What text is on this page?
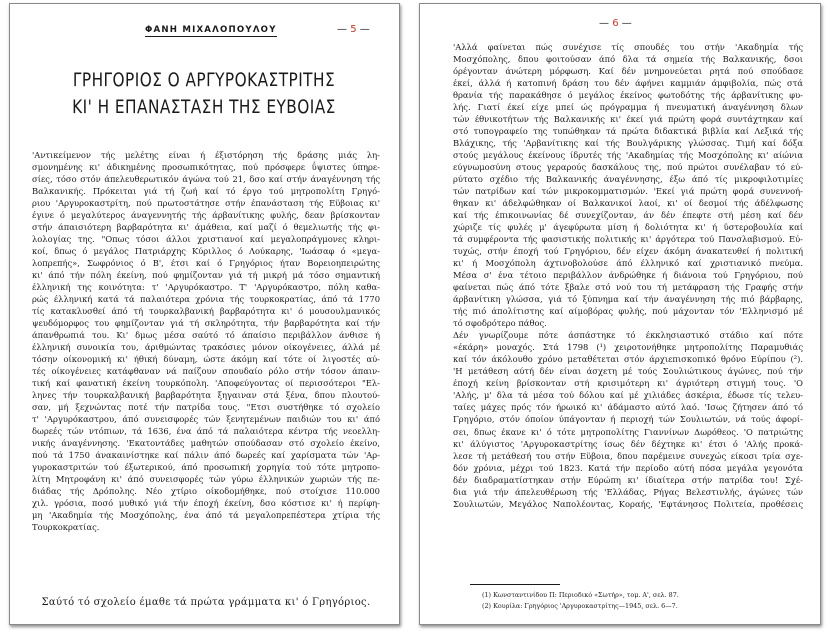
ΦΑΝΗ ΜΙΧΑΛΟΠΟΥΛΟΥ	— 5 —
ΓΡΗΓΟΡΙΟΣ Ο ΑΡΓΥΡΟΚΑΣΤΡΙΤΗΣ
ΚΙ' Η ΕΠΑΝΑΣΤΑΣΗ ΤΗΣ ΕΥΒΟΙΑΣ
'Αντικείμενον τής μελέτης είναι ή έξιστόρηση τής δράσης μιάς λη-
σμονημένης κι' άδικημένης προσωπικότητας, πού πρόσφερε ΰψιστες ύπηρε-
σίες, τόσο στόν άπελευθερωτικόν άγώνα τού 21, δσο καί στήν άναγέννηση τής
Βαλκανικής. Πρόκειται γιά τή ζωή καί τό έργο τού μητροπολίτη Γρηγό-
ριου 'Αργυροκαστρίτη, πού πρωτοστάτησε στήν έπανάσταση τής Εϋβοιας κι'
έγινε ό μεγαλύτερος άναγεννητής τής άρβανίτικης φυλής, δεαν βρίσκονταν
στήν άπαισιότερη βαρβαρότητα κι' άμάθεια, καί μαζί ό θεμελιωτής τής φι-
λολογίας της. "Οπως τόσοι άλλοι χριστιανοί καί μεγαλοπράγμονες κληρι-
κοί, δπως ό μεγάλος Πατριάρχης Κύριλλος ό Λούκαρης, 'Ιωάσαφ ό «μεγα-
λοπρεπής», Σωφρόνιος ό Β', έτσι καί ό Γρηγόριος ήταν Βορειοηπειρώτης
κι' άπό τήν πόλη έκείνη, πού φημίζονταν γιά τή μικρή μά τόσο σημαντική
έλληνική της κοινότητα: τ' 'Αργυρόκαστρο. Τ' 'Αργυρόκαστρο, πόλη καθα-
ρώς έλληνική κατά τά παλαιότερα χρόνια τής τουρκοκρατίας, άπό τά 1770
τίς κατακλυσθεί άπό τή τουρκαλβανική βαρβαρότητα κι' ό μουσουλμανικός
ψευδόμορφος του φημίζονταν γιά τή σκληρότητα, τήν βαρβαρότητα καί τήν
άπανθρωπιά του. Κι' δμως μέσα σαύτό τό άπαίσιο περιβάλλον άνθισε ή
έλληνική συνοικία του, άριθμώντας τρακόσιες μόνον οίκογένειες, άλλά μέ
τόσην οίκονομική κι' ήθική δύναμη, ώστε άκόμη καί τότε οί λιγοστές αύ-
τές οίκογένειες κατάφθαναν νά παίζουν σπουδαίο ρόλο στήν τόσον άπαιν-
τική καί φανατική έκείνη τουρκόπολη. 'Αποφεύγοντας οί περισσότεροι "Ελ-
ληνες τήν τουρκαλβανική βαρβαρότητα ξηγαιναν στά ξένα, δπου πλουτού-
σαν, μή ξεχνώντας ποτέ τήν πατρίδα τους. "Ετσι συστήθηκε τό σχολείο
τ' 'Αργυρόκαστρου, άπό συνεισφορές τών ξενητεμένων παιδιών του κι' άπό
δωρεές τών ντόπιων, τά 1636, ένα άπό τά παλαιότερα κέντρα τής νεοελλη-
νικής άναγέννησης. 'Εκατοντάδες μαθητών σπούδασαν στό σχολείο έκείνο,
πού τά 1750 άνακαινίστηκε καί πάλιν άπό δωρεές καί χαρίσματα τών 'Αρ-
γυροκαστριτών τού έξωτερικού, άπό προσωπική χορηγία τού τότε μητροπο-
λίτη Μητροφάνη κι' άπό συνεισφορές τών γύρω έλληνικών χωριών τής πε-
διάδας τής Δρόπολης. Νέο χτίριο οίκοδομήθηκε, πού στοίχισε 110.000
χιλ. γρόσια, ποσό μυθικό γιά τήν έποχή έκείνη, δσο κόστισε κι' ή περίφη-
μη 'Ακαδημία τής Μοσχόπολης, ένα άπό τά μεγαλοπρεπέστερα χτίρια τής
Τουρκοκρατίας.
Σαύτό τό σχολείο έμαθε τά πρώτα γράμματα κι' ό Γρηγόριος.
— 6 —
'Αλλά φαίνεται πώς συνέχισε τίς σπουδές του στήν 'Ακαδημία τής
Μοσχόπολης, δπου φοιτούσαν άπό δλα τά σημεία τής Βαλκανικής, δσοι
όρέγονταν άνώτερη μόρφωση. Καί δέν μνημονεύεται ρητά πού σπούδασε
έκεί, άλλά ή κατοπινή δράση του δέν άφήνει καμμιάν άμφιβολία, πώς στά
θρανία τής παρακάθησε ό μεγάλος έκείνος φωτοδότης τής άρβανίτικης φυ-
λής. Γιατί έκεί είχε μπεί ώς πρόγραμμα ή πνευματική άναγέννηση δλων
τών έθνικοτήτων τής Βαλκανικής κι' έκεί γιά πρώτη φορά συντάχτηκαν καί
στό τυπογραφείο της τυπώθηκαν τά πρώτα διδακτικά βιβλία καί Λεξικά τής
Βλάχικης, τής 'Αρβανίτικης καί τής Βουλγάρικης γλώσσας. Τιμή καί δόξα
στούς μεγάλους έκείνους ίδρυτές τής 'Ακαδημίας τής Μοσχόπολης κι' αίώνια
εύγνωμοσύνη στους γεραρούς δασκάλους της, πού πρώτοι συνέλαβαν τό εύ-
ρύτατο σχέδιο τής Βαλκανικής άναγέννησης, έξω άπό τίς μικροφιλοτιμίες
τών πατρίδων καί τών μικροκομματισμών. 'Εκεί γιά πρώτη φορά συνεννοή-
θηκαν κι' άδελφώθηκαν οί Βαλκανικοί λαοί, κι' οί δεσμοί τής άδέλφωσης
καί τής έπικοινωνίας δέ συνεχίζονταν, άν δέν έπεφτε στή μέση καί δέν
χώριζε τίς φυλές μ' άγεφύρωτα μίση ή δολιότητα κι' ή ϋστεροβουλία καί
τά συμφέροντα τής φασιστικής πολιτικής κι' άργότερα τού Πανσλαβισμού. Εύ-
τυχώς, στήν έποχή τού Γρηγόριου, δέν είχεν άκόμη άνακατευθεί ή πολιτική
κι' ή Μοσχόπολη άχτινοβολούσε άπό έλληνικό καί χριστιανικό πνεύμα.
Μέσα σ' ένα τέτοιο περιβάλλον άνδρώθηκε ή διάνοια τού Γρηγόριου, πού
φαίνεται πώς άπό τότε ξβαλε στό νού του τή μετάφραση τής Γραφής στήν
άρβανίτικη γλώσσα, γιά τό ξύπνημα καί τήν άναγέννηση τής πιό βάρβαρης,
τής πιό άπολίτιστης καί αίμοβόρας φυλής, πού μάχονταν τόν 'Ελληνισμό μέ
τό σφοδρότερο πάθος.
Δέν γνωρίζουμε πότε άσπάστηκε τό έκκλησιαστικό στάδιο καί πότε
«έκάρη» μοναχός. Στά 1798 (¹) χειροτονήθηκε μητροπολίτης Παραμυθιάς
καί τόν άκόλουθο χρόνο μεταθέτεται στόν άρχιεπισκοπικό θρόνο Εύρίπου (²).
'Η μετάθεση αύτή δέν είναι άσχετη μέ τούς Σουλιώτικους άγώνες, πού τήν
έποχή κείνη βρίσκονταν στή κρισιμότερη κι' άγριότερη στιγμή τους. 'Ο
'Αλής, μ' δλα τά μέσα τού δόλου καί μέ χιλιάδες άσκέρια, έδωσε τίς τελευ-
ταίες μάχες πρός τόν ήρωικό κι' άδάμαστο αύτό λαό. 'Ισως ζήτησεν άπό τό
Γρηγόριο, στόν όποίον ύπάγονταν ή περιοχή τών Σουλιωτών, νά τούς άφορί-
σει, δπως έκανε κι' ό τότε μητροπολίτης Γιαννίνων Δωρόθεος. 'Ο πατριώτης
κι' άλύγιστος 'Αργυροκαστρίτης ίσως δέν δέχτηκε κι' έτσι ό 'Αλής προκά-
λεσε τή μετάθεσή του στήν Εϋβοια, δπου παρέμεινε συνεχώς είκοσι τρία σχε-
δόν χρόνια, μέχρι τού 1823. Κατά τήν περίοδο αύτή πόσα μεγάλα γεγονότα
δέν διαδραματίστηκαν στήν Εύρώπη κι' ίδιαίτερα στήν πατρίδα του! Σχέ-
δια γιά τήν άπελευθέρωση τής 'Ελλάδας, Ρήγας Βελεστινλής, άγώνες τών
Σουλιωτών, Μεγάλος Ναπολέοντας, Κοραής, 'Εφτάνησος Πολιτεία, προθέσεις
(1) Κωνσταντινίδου Π: Περιοδικό «Σωτήρ», τομ. Α', σελ. 87.
(2) Κουρίλα: Γρηγόριος 'Αργυροκαστρίτης—1945, σελ. 6—7.
